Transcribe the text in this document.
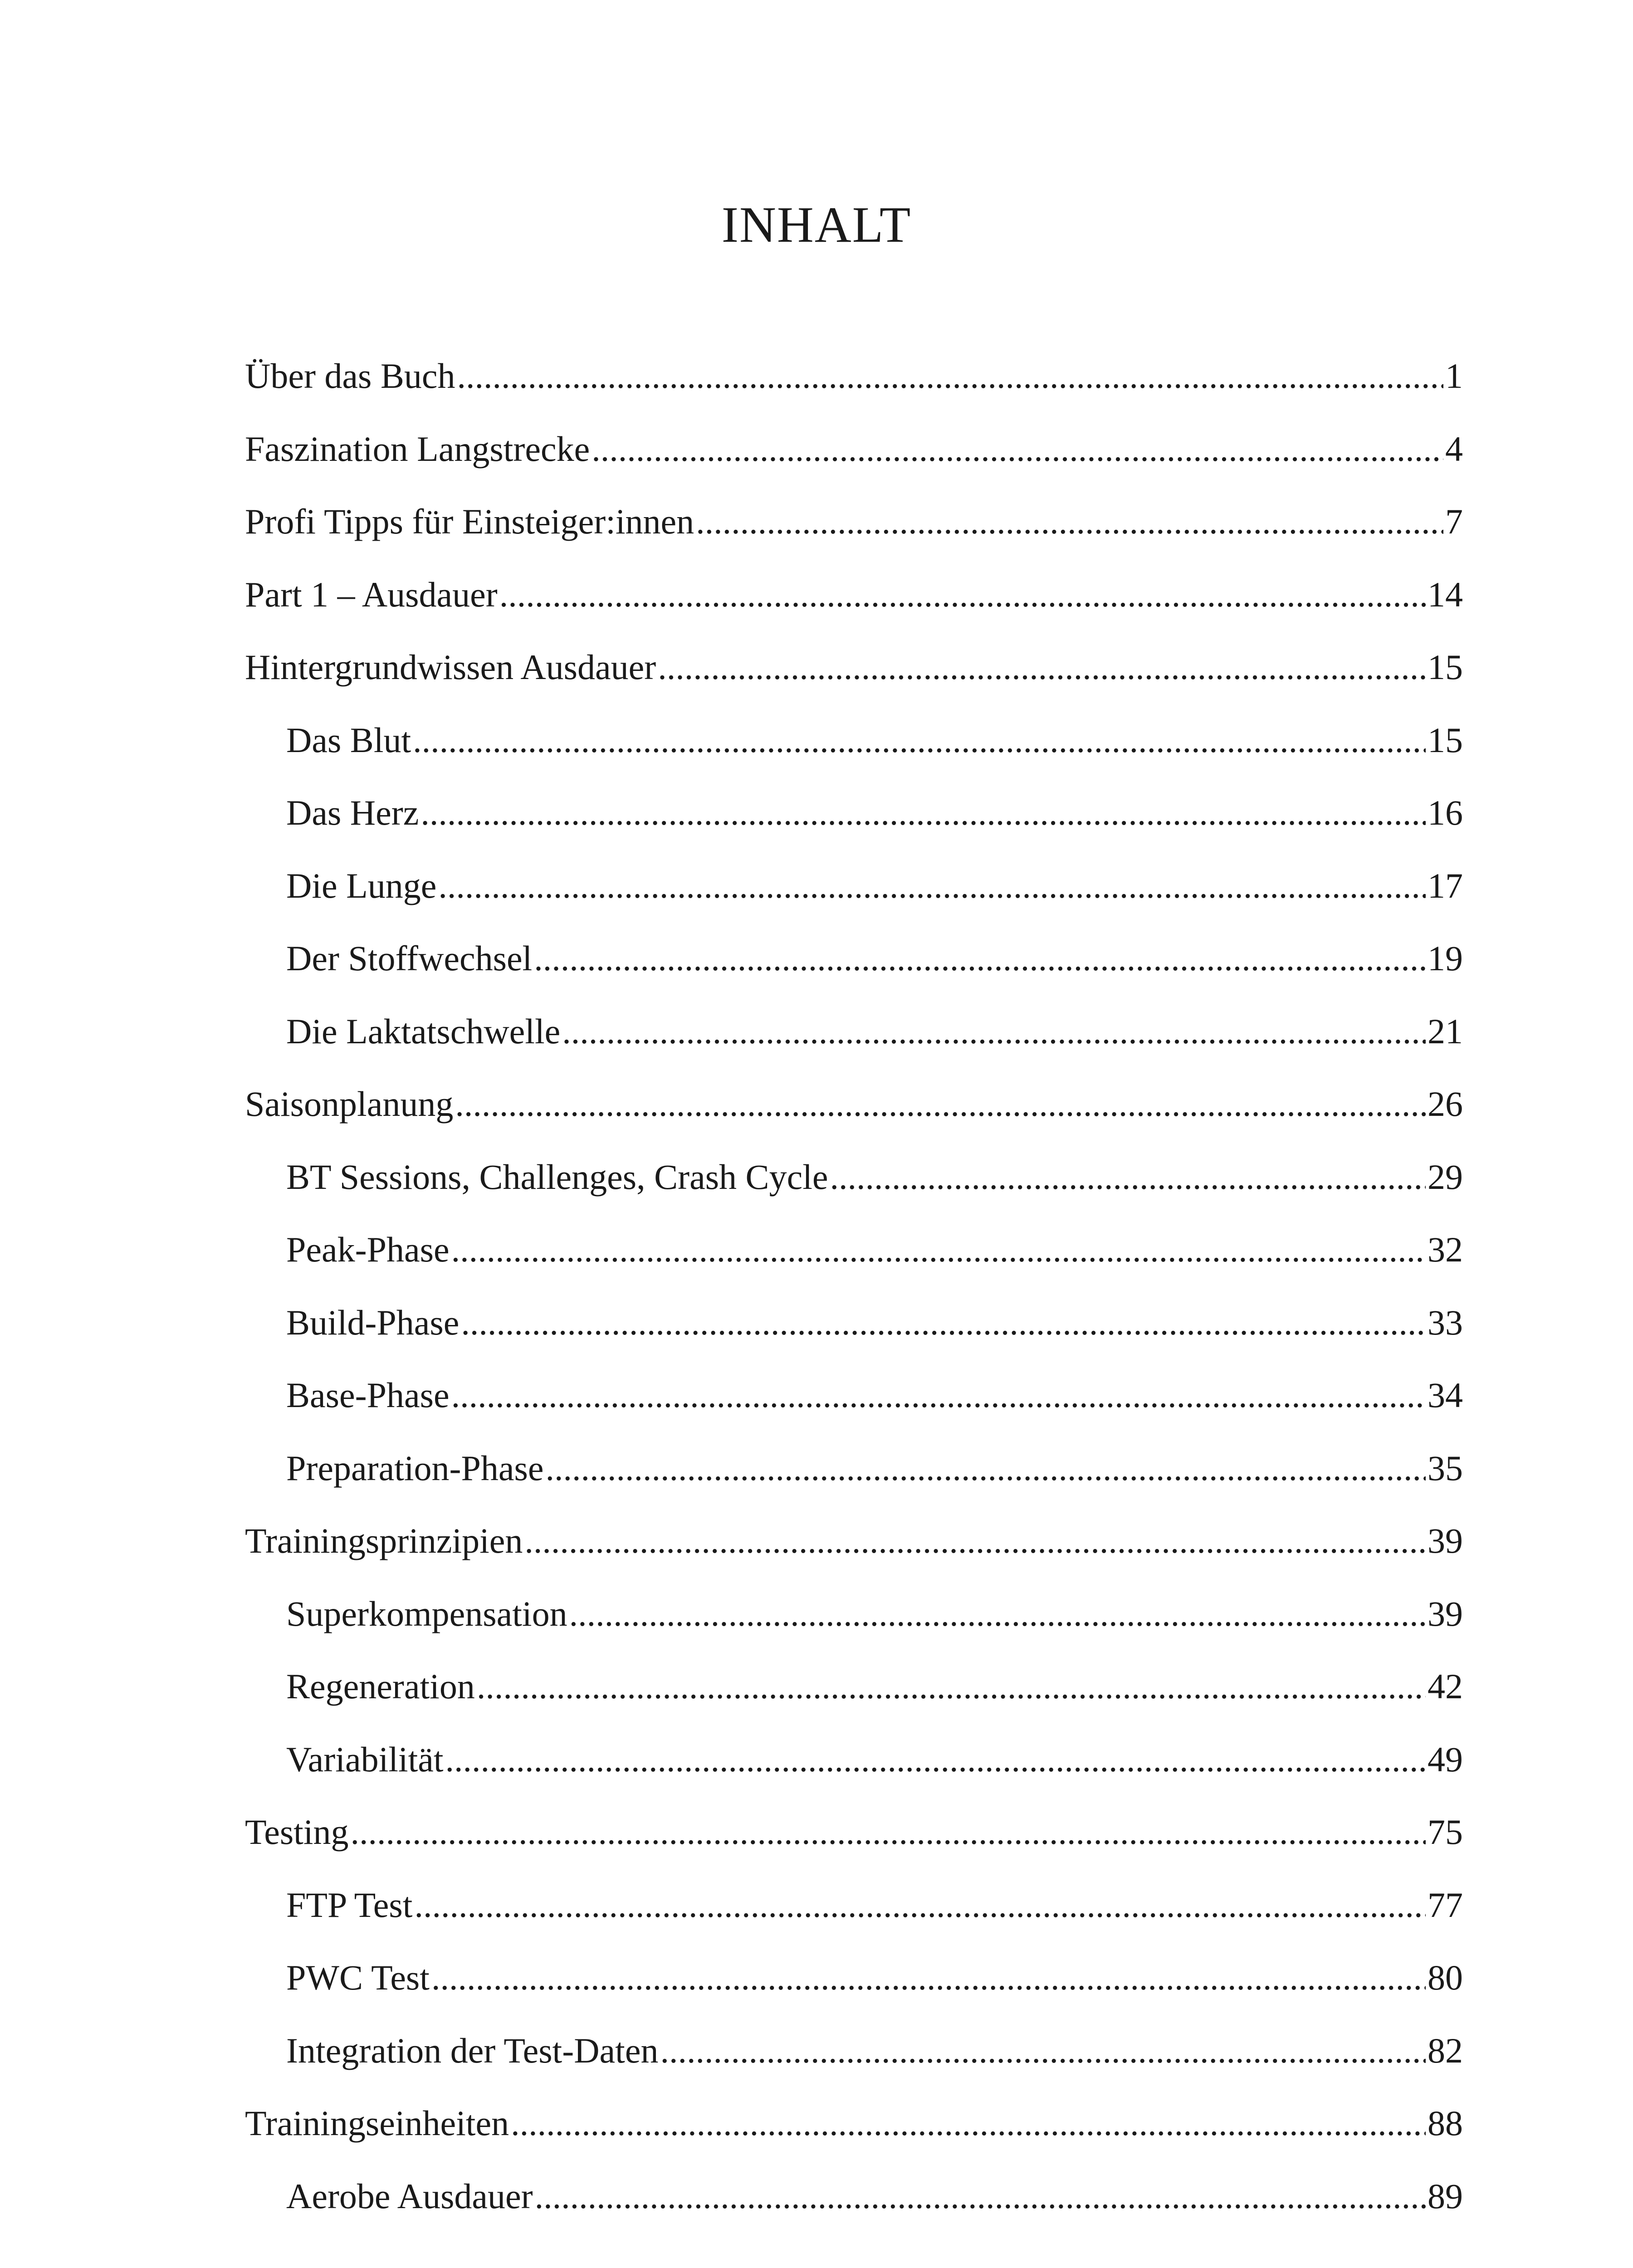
INHALT
Über das Buch .....	1
Faszination Langstrecke .....	4
Profi Tipps für Einsteiger:innen .....	7
Part 1 – Ausdauer .....	14
Hintergrundwissen Ausdauer .....	15
Das Blut .....	15
Das Herz .....	16
Die Lunge .....	17
Der Stoffwechsel .....	19
Die Laktatschwelle .....	21
Saisonplanung .....	26
BT Sessions, Challenges, Crash Cycle .....	29
Peak-Phase .....	32
Build-Phase .....	33
Base-Phase .....	34
Preparation-Phase .....	35
Trainingsprinzipien .....	39
Superkompensation .....	39
Regeneration .....	42
Variabilität .....	49
Testing .....	75
FTP Test .....	77
PWC Test .....	80
Integration der Test-Daten .....	82
Trainingseinheiten .....	88
Aerobe Ausdauer .....	89
